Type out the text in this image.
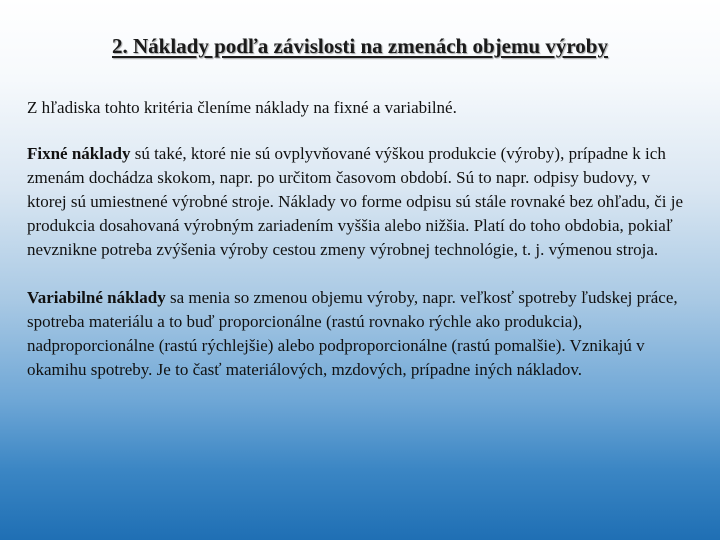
2. Náklady podľa závislosti na zmenách objemu výroby

Z hľadiska tohto kritéria členíme náklady na fixné a variabilné.

Fixné náklady sú také, ktoré nie sú ovplyvňované výškou produkcie (výroby), prípadne k ich zmenám dochádza skokom, napr. po určitom časovom období. Sú to napr. odpisy budovy, v ktorej sú umiestnené výrobné stroje. Náklady vo forme odpisu sú stále rovnaké bez ohľadu, či je produkcia dosahovaná výrobným zariadením vyššia alebo nižšia. Platí do toho obdobia, pokiaľ nevznikne potreba zvýšenia výroby cestou zmeny výrobnej technológie, t. j. výmenou stroja.

Variabilné náklady sa menia so zmenou objemu výroby, napr. veľkosť spotreby ľudskej práce, spotreba materiálu a to buď proporcionálne (rastú rovnako rýchle ako produkcia), nadproporcionálne (rastú rýchlejšie) alebo podproporcionálne (rastú pomalšie). Vznikajú v okamihu spotreby. Je to časť materiálových, mzdových, prípadne iných nákladov.
